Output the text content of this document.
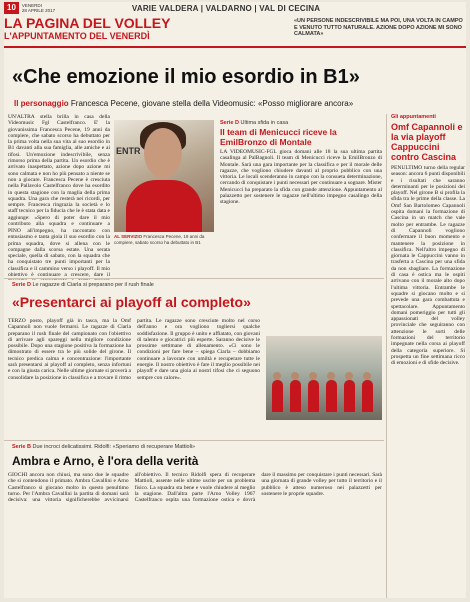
10	VENERDI
28 APRILE 2017	VARIE VALDERA | VALDARNO | VAL DI CECINA
LA PAGINA DEL VOLLEY
L'APPUNTAMENTO DEL VENERDÌ
«UN PERSONE INDESCRIVIBILE MA POI, UNA VOLTA IN CAMPO E VENUTO TUTTO NATURALE. AZIONE DOPO AZIONE MI SONO CALMATA»
«Che emozione il mio esordio in B1»
Il personaggio Francesca Pecene, giovane stella della Videomusic: «Posso migliorare ancora»
UN'ALTRA stella brilla in casa della Videomusic Fgl Castelfranco. E' la giovanissima Francesca Pecene, 19 anni da compiere, che sabato scorso ha debuttato per la prima volta nella sua vita al suo esordio in B1 davanti alla sua famiglia, alle amiche e ai tifosi. Un'emozione indescrivibile, senza rimorso prima della partita. Un esordio che è arrivato inaspettato, azione dopo azione mi sono calmata e non ho più pensato a niente se non a giocare. Francesca Pecene è cresciuta nella Pallavolo Castelfranco dove ha esordito in questa stagione con la maglia della prima squadra. Una gara che resterà nei ricordi, per sempre. Francesca ringrazia la società e lo staff tecnico per la fiducia che le è stata data e aggiunge: «Spero di poter dare il mio contributo alla squadra e continuare a
ENTR
AL SERVIZIO Francesca Pecene, 19 anni da compiere, sabato scorso ha debuttato in B1
PINO all'impegno, ha raccontato con entusiasmo e tanta gioia il suo esordio con la prima squadra, dove si allena con le compagne dalla scorsa estate. Una serata speciale, quella di sabato, con la squadra che ha conquistato tre punti importanti per la classifica e il cammino verso i playoff. Il mio obiettivo è continuare a crescere, dare il
Serie D Ultima sfida in casa
Il team di Menicucci riceve la EmilBronzo di Montale
LA VIDEOMUSIC-FGL gioca domani alle 18 la sua ultima partita casalinga al PalBagnoli. Il team di Menicucci riceve la EmilBronzo di Montale. Sarà una gara importante per la classifica e per il morale delle ragazze, che vogliono chiudere davanti al proprio pubblico con una vittoria. Le locali scenderanno in campo con la consueta determinazione, cercando di conquistare i punti necessari per continuare a sognare. Mister Menicucci ha preparato la sfida con grande attenzione. Appuntamento al palazzetto per sostenere le ragazze nell'ultimo impegno casalingo della stagione.
Gli appuntamenti
Omf Capannoli e la via playoff Cappuccini contro Cascina
PENULTIMO turno della regular season: ancora 6 punti disponibili e i risultati che saranno determinanti per le posizioni dei playoff. Nel girone B si profila la sfida tra le prime della classe. La Omf San Bartolomeo Capannoli ospita domani la formazione di Cascina in un match che vale molto per entrambe. Le ragazze di Capannoli vogliono confermare il buon momento e mantenere la posizione in classifica. Nell'altro impegno di giornata le Cappuccini vanno in trasferta a Cascina per una sfida da non sbagliare. La formazione di casa è ostica ma le ospiti arrivano con il morale alto dopo l'ultima vittoria. Entrambe le squadre si giocano molto e si prevede una gara combattuta e spettacolare. Appuntamento domani pomeriggio per tutti gli appassionati del volley provinciale che seguiranno con attenzione le sorti delle formazioni del territorio impegnate nella corsa ai playoff della categoria superiore. Si prospetta un fine settimana ricco di emozioni e di sfide decisive.
Serie D Le ragazze di Ciarla si preparano per il rush finale
«Presentarci ai playoff al completo»
TERZO posto, playoff già in tasca, ma la Omf Capannoli non vuole fermarsi. Le ragazze di Ciarla preparano il rush finale del campionato con l'obiettivo di arrivare agli spareggi nella migliore condizione possibile. Dopo una stagione positiva la formazione ha dimostrato di essere tra le più solide del girone. Il tecnico predica calma e concentrazione: l'importante sarà presentarsi ai playoff al completo, senza infortuni e con la giusta carica. Nelle ultime giornate si proverà a consolidare la posizione in classifica e a trovare il ritmo partita. Le ragazze sono cresciute molto nel corso dell'anno e ora vogliono togliersi qualche soddisfazione. Il gruppo è unito e affiatato, con giovani di talento e giocatrici più esperte. Saranno decisive le prossime settimane di allenamento. «Ci sono le condizioni per fare bene – spiega Ciarla – dobbiamo continuare a lavorare con umiltà e recuperare tutte le energie. Il nostro obiettivo è fare il meglio possibile nei playoff e dare una gioia ai nostri tifosi che ci seguono sempre con calore».
Serie B Due incroci delicatissimi. Ridolfi: «Speriamo di recuperare Mattioli»
Ambra e Arno, è l'ora della verità
GIOCHI ancora non chiusi, ma sono due le squadre che si contendono il primato. Ambra Cavallini e Arno Castelfranco si giocano molto in questo penultimo turno. Per l'Ambra Cavallini la partita di domani sarà decisiva: una vittoria significherebbe avvicinarsi all'obiettivo. Il tecnico Ridolfi spera di recuperare Mattioli, assente nelle ultime uscite per un problema fisico. La squadra sta bene e vuole chiudere al meglio la stagione. Dall'altra parte l'Arno Volley 1967 Castelfranco ospita una formazione ostica e dovrà dare il massimo per conquistare i punti necessari. Sarà una giornata di grande volley per tutto il territorio e il pubblico è atteso numeroso nei palazzetti per sostenere le proprie squadre.
